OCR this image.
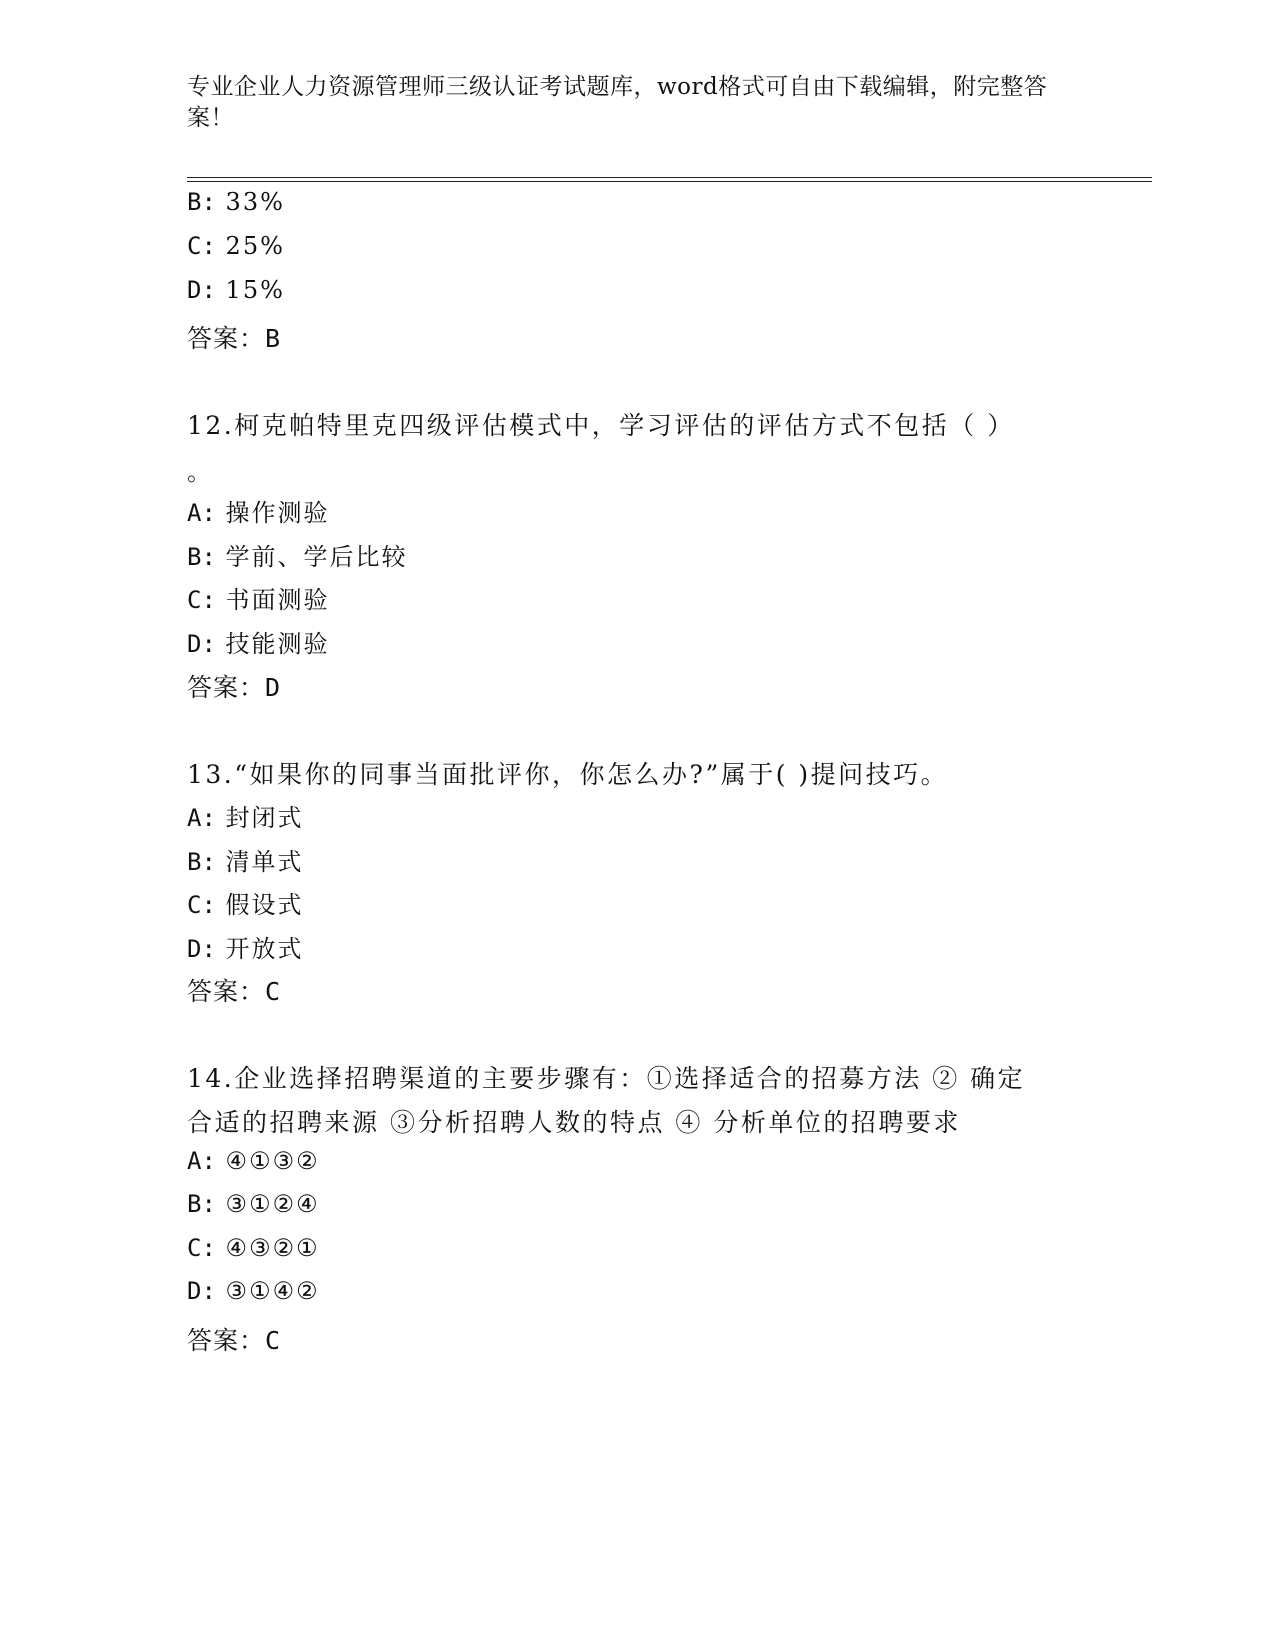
专业企业人力资源管理师三级认证考试题库，word格式可自由下载编辑，附完整答案！
B: 33%
C: 25%
D: 15%
答案：B
12.柯克帕特里克四级评估模式中，学习评估的评估方式不包括（ ）
。
A: 操作测验
B: 学前、学后比较
C: 书面测验
D: 技能测验
答案：D
13.“如果你的同事当面批评你，你怎么办?”属于( )提问技巧。
A: 封闭式
B: 清单式
C: 假设式
D: 开放式
答案：C
14.企业选择招聘渠道的主要步骤有：①选择适合的招募方法 ② 确定
合适的招聘来源 ③分析招聘人数的特点 ④ 分析单位的招聘要求
A: ④①③②
B: ③①②④
C: ④③②①
D: ③①④②
答案：C
